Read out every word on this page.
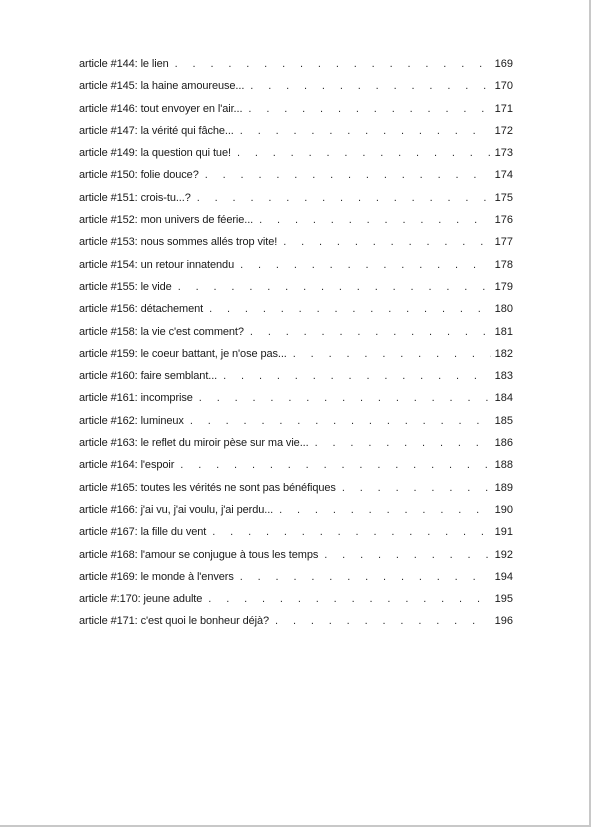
article #144: le lien . . .	169
article #145: la haine amoureuse... . . .	170
article #146: tout envoyer en l'air... . . .	171
article #147: la vérité qui fâche... . . .	172
article #149: la question qui tue! . . .	173
article #150: folie douce? . . .	174
article #151: crois-tu...? . . .	175
article #152: mon univers de féerie... . . .	176
article #153: nous sommes allés trop vite! . . .	177
article #154: un retour innatendu . . .	178
article #155: le vide . . .	179
article #156: détachement . . .	180
article #158: la vie c'est comment? . . .	181
article #159: le coeur battant, je n'ose pas... . . .	182
article #160: faire semblant... . . .	183
article #161: incomprise . . .	184
article #162: lumineux . . .	185
article #163: le reflet du miroir pèse sur ma vie... . . .	186
article #164: l'espoir . . .	188
article #165: toutes les vérités ne sont pas bénéfiques . . .	189
article #166: j'ai vu, j'ai voulu, j'ai perdu... . . .	190
article #167: la fille du vent . . .	191
article #168: l'amour se conjugue à tous les temps . . .	192
article #169: le monde à l'envers . . .	194
article #:170: jeune adulte . . .	195
article #171: c'est quoi le bonheur déjà? . . .	196
